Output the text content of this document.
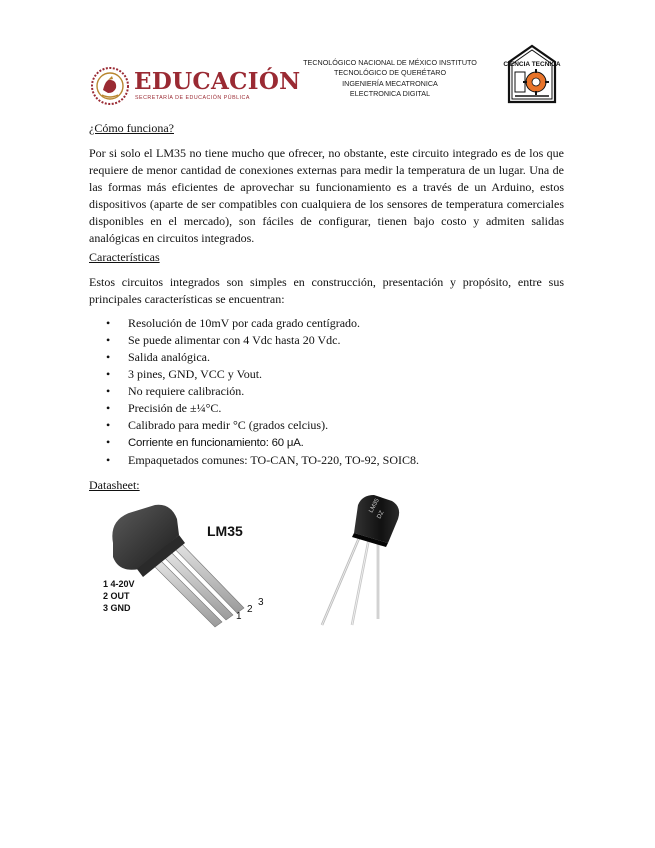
EDUCACIÓN
SECRETARÍA DE EDUCACIÓN PÚBLICA
TECNOLÓGICO NACIONAL DE MÉXICO INSTITUTO
TECNOLÓGICO DE QUERÉTARO
INGENIERÍA MECATRONICA
ELECTRONICA DIGITAL
CIENCIA TECNICA
¿Cómo funciona?
Por si solo el LM35 no tiene mucho que ofrecer, no obstante, este circuito integrado es de los que requiere de menor cantidad de conexiones externas para medir la temperatura de un lugar. Una de las formas más eficientes de aprovechar su funcionamiento es a través de un Arduino, estos dispositivos (aparte de ser compatibles con cualquiera de los sensores de temperatura comerciales disponibles en el mercado), son fáciles de configurar, tienen bajo costo y admiten salidas analógicas en circuitos integrados.
Características
Estos circuitos integrados son simples en construcción, presentación y propósito, entre sus principales características se encuentran:
• Resolución de 10mV por cada grado centígrado.
• Se puede alimentar con 4 Vdc hasta 20 Vdc.
• Salida analógica.
• 3 pines, GND, VCC y Vout.
• No requiere calibración.
• Precisión de ±¼°C.
• Calibrado para medir °C (grados celcius).
• Corriente en funcionamiento: 60 μA.
• Empaquetados comunes: TO-CAN, TO-220, TO-92, SOIC8.
Datasheet:
LM35
1 4-20V
2 OUT
3 GND
1
2
3
LM35
DZ
